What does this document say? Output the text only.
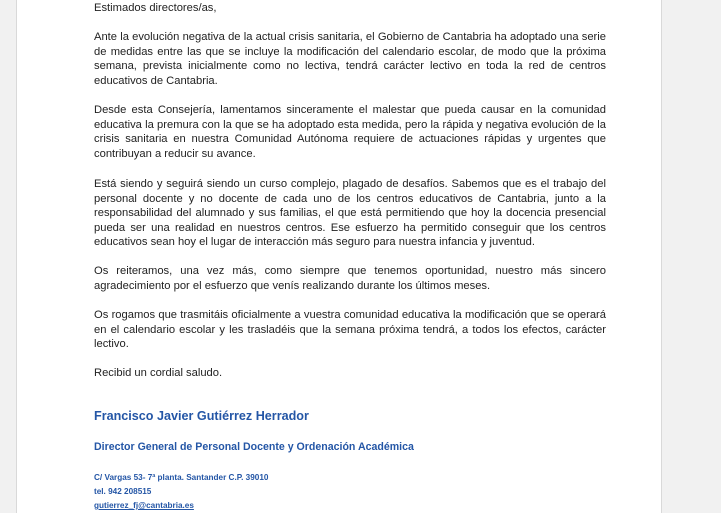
Estimados directores/as,

Ante la evolución negativa de la actual crisis sanitaria, el Gobierno de Cantabria ha adoptado una serie de medidas entre las que se incluye la modificación del calendario escolar, de modo que la próxima semana, prevista inicialmente como no lectiva, tendrá carácter lectivo en toda la red de centros educativos de Cantabria.

Desde esta Consejería, lamentamos sinceramente el malestar que pueda causar en la comunidad educativa la premura con la que se ha adoptado esta medida, pero la rápida y negativa evolución de la crisis sanitaria en nuestra Comunidad Autónoma requiere de actuaciones rápidas y urgentes que contribuyan a reducir su avance.

Está siendo y seguirá siendo un curso complejo, plagado de desafíos. Sabemos que es el trabajo del personal docente y no docente de cada uno de los centros educativos de Cantabria, junto a la responsabilidad del alumnado y sus familias, el que está permitiendo que hoy la docencia presencial pueda ser una realidad en nuestros centros. Ese esfuerzo ha permitido conseguir que los centros educativos sean hoy el lugar de interacción más seguro para nuestra infancia y juventud.

Os reiteramos, una vez más, como siempre que tenemos oportunidad, nuestro más sincero agradecimiento por el esfuerzo que venís realizando durante los últimos meses.

Os rogamos que trasmitáis oficialmente a vuestra comunidad educativa la modificación que se operará en el calendario escolar y les trasladéis que la semana próxima tendrá, a todos los efectos, carácter lectivo.

Recibid un cordial saludo.

Francisco Javier Gutiérrez Herrador
Director General de Personal Docente y Ordenación Académica
C/ Vargas 53- 7ª planta. Santander C.P. 39010
tel. 942 208515
gutierrez_fj@cantabria.es
